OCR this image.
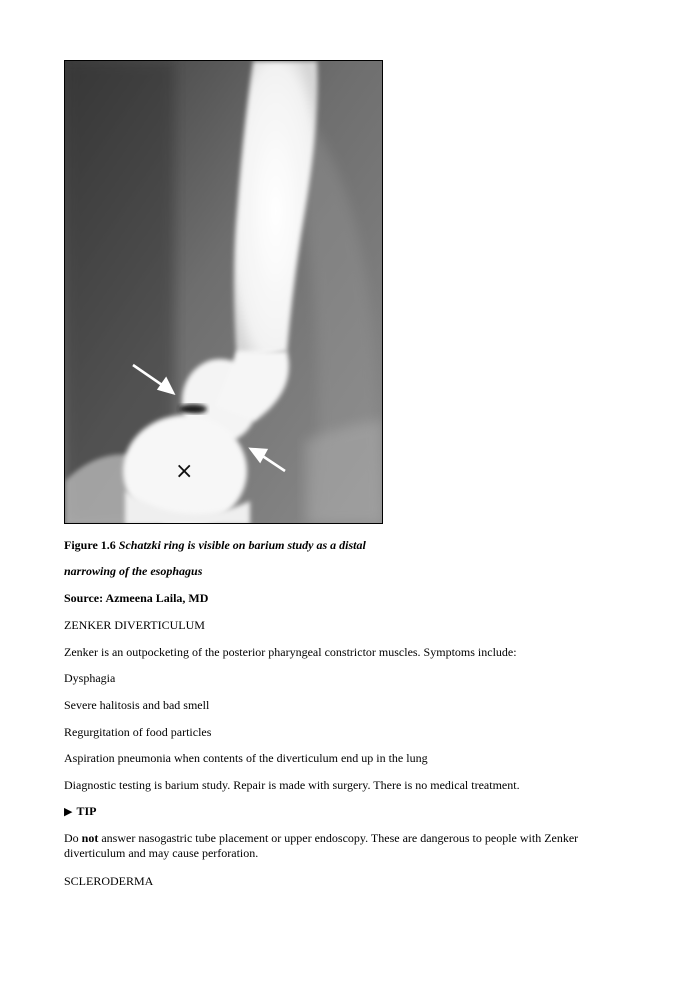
×
Figure 1.6 Schatzki ring is visible on barium study as a distal
narrowing of the esophagus
Source: Azmeena Laila, MD
ZENKER DIVERTICULUM
Zenker is an outpocketing of the posterior pharyngeal constrictor muscles. Symptoms include:
Dysphagia
Severe halitosis and bad smell
Regurgitation of food particles
Aspiration pneumonia when contents of the diverticulum end up in the lung
Diagnostic testing is barium study. Repair is made with surgery. There is no medical treatment.
▶ TIP
Do not answer nasogastric tube placement or upper endoscopy. These are dangerous to people with Zenker diverticulum and may cause perforation.
SCLERODERMA
